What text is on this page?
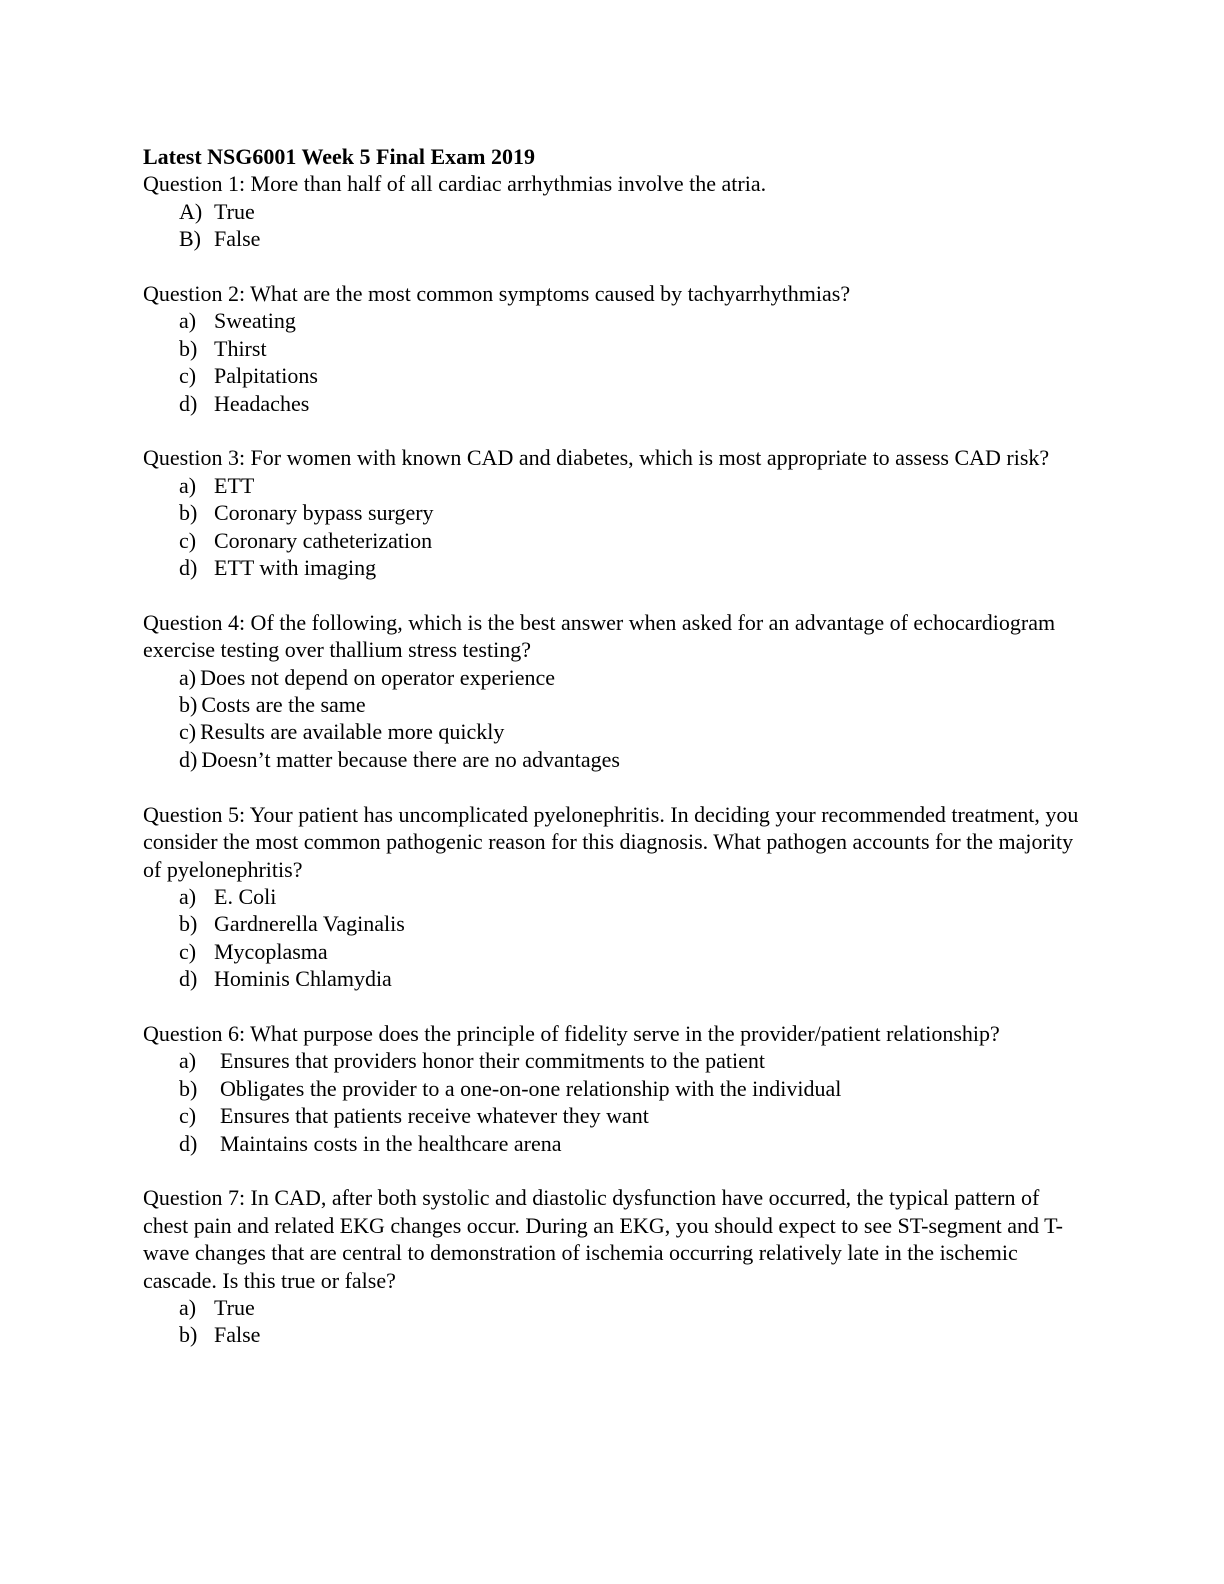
Latest NSG6001 Week 5 Final Exam 2019

Question 1: More than half of all cardiac arrhythmias involve the atria.

A) True
B) False

Question 2: What are the most common symptoms caused by tachyarrhythmias?

a) Sweating
b) Thirst
c) Palpitations
d) Headaches

Question 3: For women with known CAD and diabetes, which is most appropriate to assess CAD risk?

a) ETT
b) Coronary bypass surgery
c) Coronary catheterization
d) ETT with imaging

Question 4: Of the following, which is the best answer when asked for an advantage of echocardiogram exercise testing over thallium stress testing?

a) Does not depend on operator experience
b) Costs are the same
c) Results are available more quickly
d) Doesn’t matter because there are no advantages

Question 5: Your patient has uncomplicated pyelonephritis. In deciding your recommended treatment, you consider the most common pathogenic reason for this diagnosis. What pathogen accounts for the majority of pyelonephritis?

a) E. Coli
b) Gardnerella Vaginalis
c) Mycoplasma
d) Hominis Chlamydia

Question 6: What purpose does the principle of fidelity serve in the provider/patient relationship?

a)	Ensures that providers honor their commitments to the patient
b)	Obligates the provider to a one-on-one relationship with the individual
c)	Ensures that patients receive whatever they want
d)	Maintains costs in the healthcare arena

Question 7: In CAD, after both systolic and diastolic dysfunction have occurred, the typical pattern of chest pain and related EKG changes occur. During an EKG, you should expect to see ST-segment and T-wave changes that are central to demonstration of ischemia occurring relatively late in the ischemic cascade. Is this true or false?

a) True
b) False
